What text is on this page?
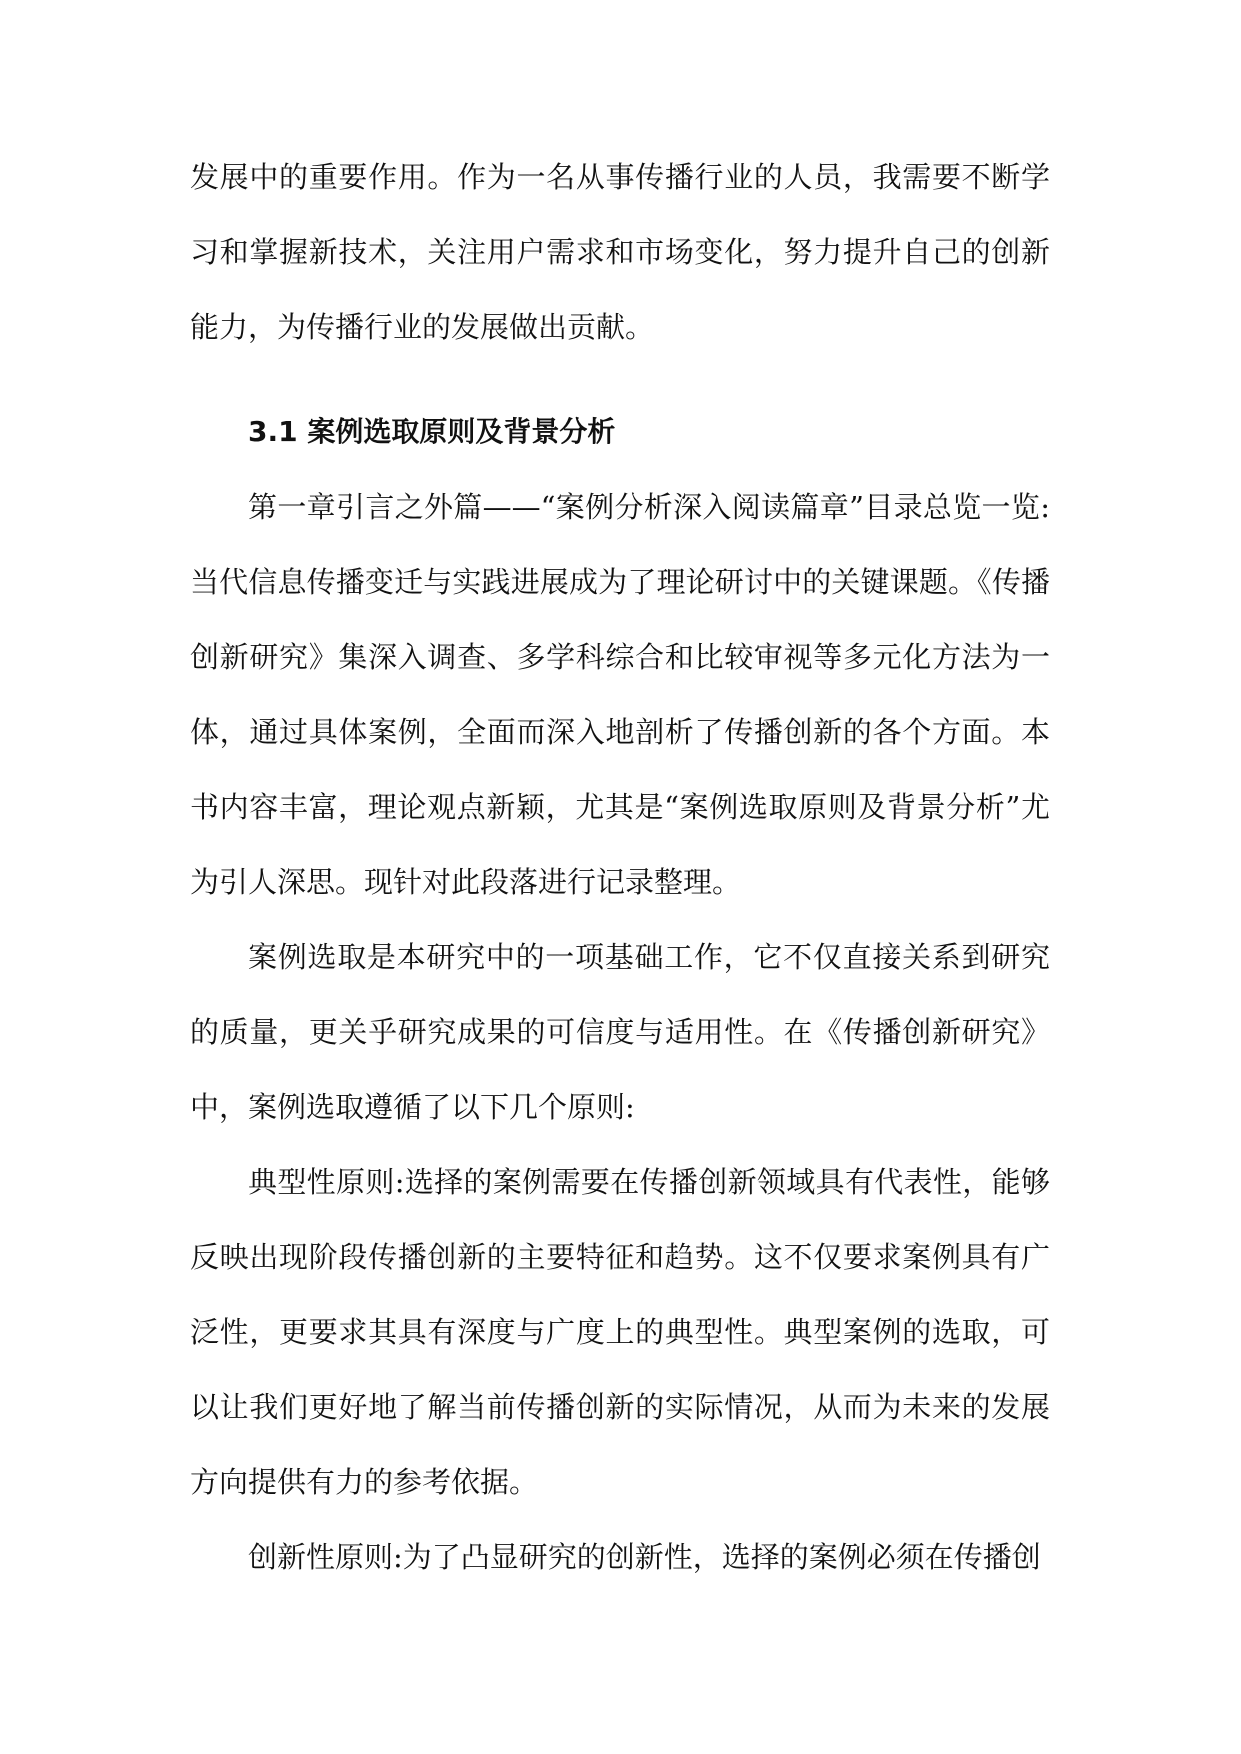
发展中的重要作用。作为一名从事传播行业的人员，我需要不断学习和掌握新技术，关注用户需求和市场变化，努力提升自己的创新能力，为传播行业的发展做出贡献。

3.1 案例选取原则及背景分析

第一章引言之外篇——“案例分析深入阅读篇章”目录总览一览:当代信息传播变迁与实践进展成为了理论研讨中的关键课题。《传播创新研究》集深入调查、多学科综合和比较审视等多元化方法为一体，通过具体案例，全面而深入地剖析了传播创新的各个方面。本书内容丰富，理论观点新颖，尤其是“案例选取原则及背景分析”尤为引人深思。现针对此段落进行记录整理。

案例选取是本研究中的一项基础工作，它不仅直接关系到研究的质量，更关乎研究成果的可信度与适用性。在《传播创新研究》中，案例选取遵循了以下几个原则:

典型性原则:选择的案例需要在传播创新领域具有代表性，能够反映出现阶段传播创新的主要特征和趋势。这不仅要求案例具有广泛性，更要求其具有深度与广度上的典型性。典型案例的选取，可以让我们更好地了解当前传播创新的实际情况，从而为未来的发展方向提供有力的参考依据。

创新性原则:为了凸显研究的创新性，选择的案例必须在传播创
